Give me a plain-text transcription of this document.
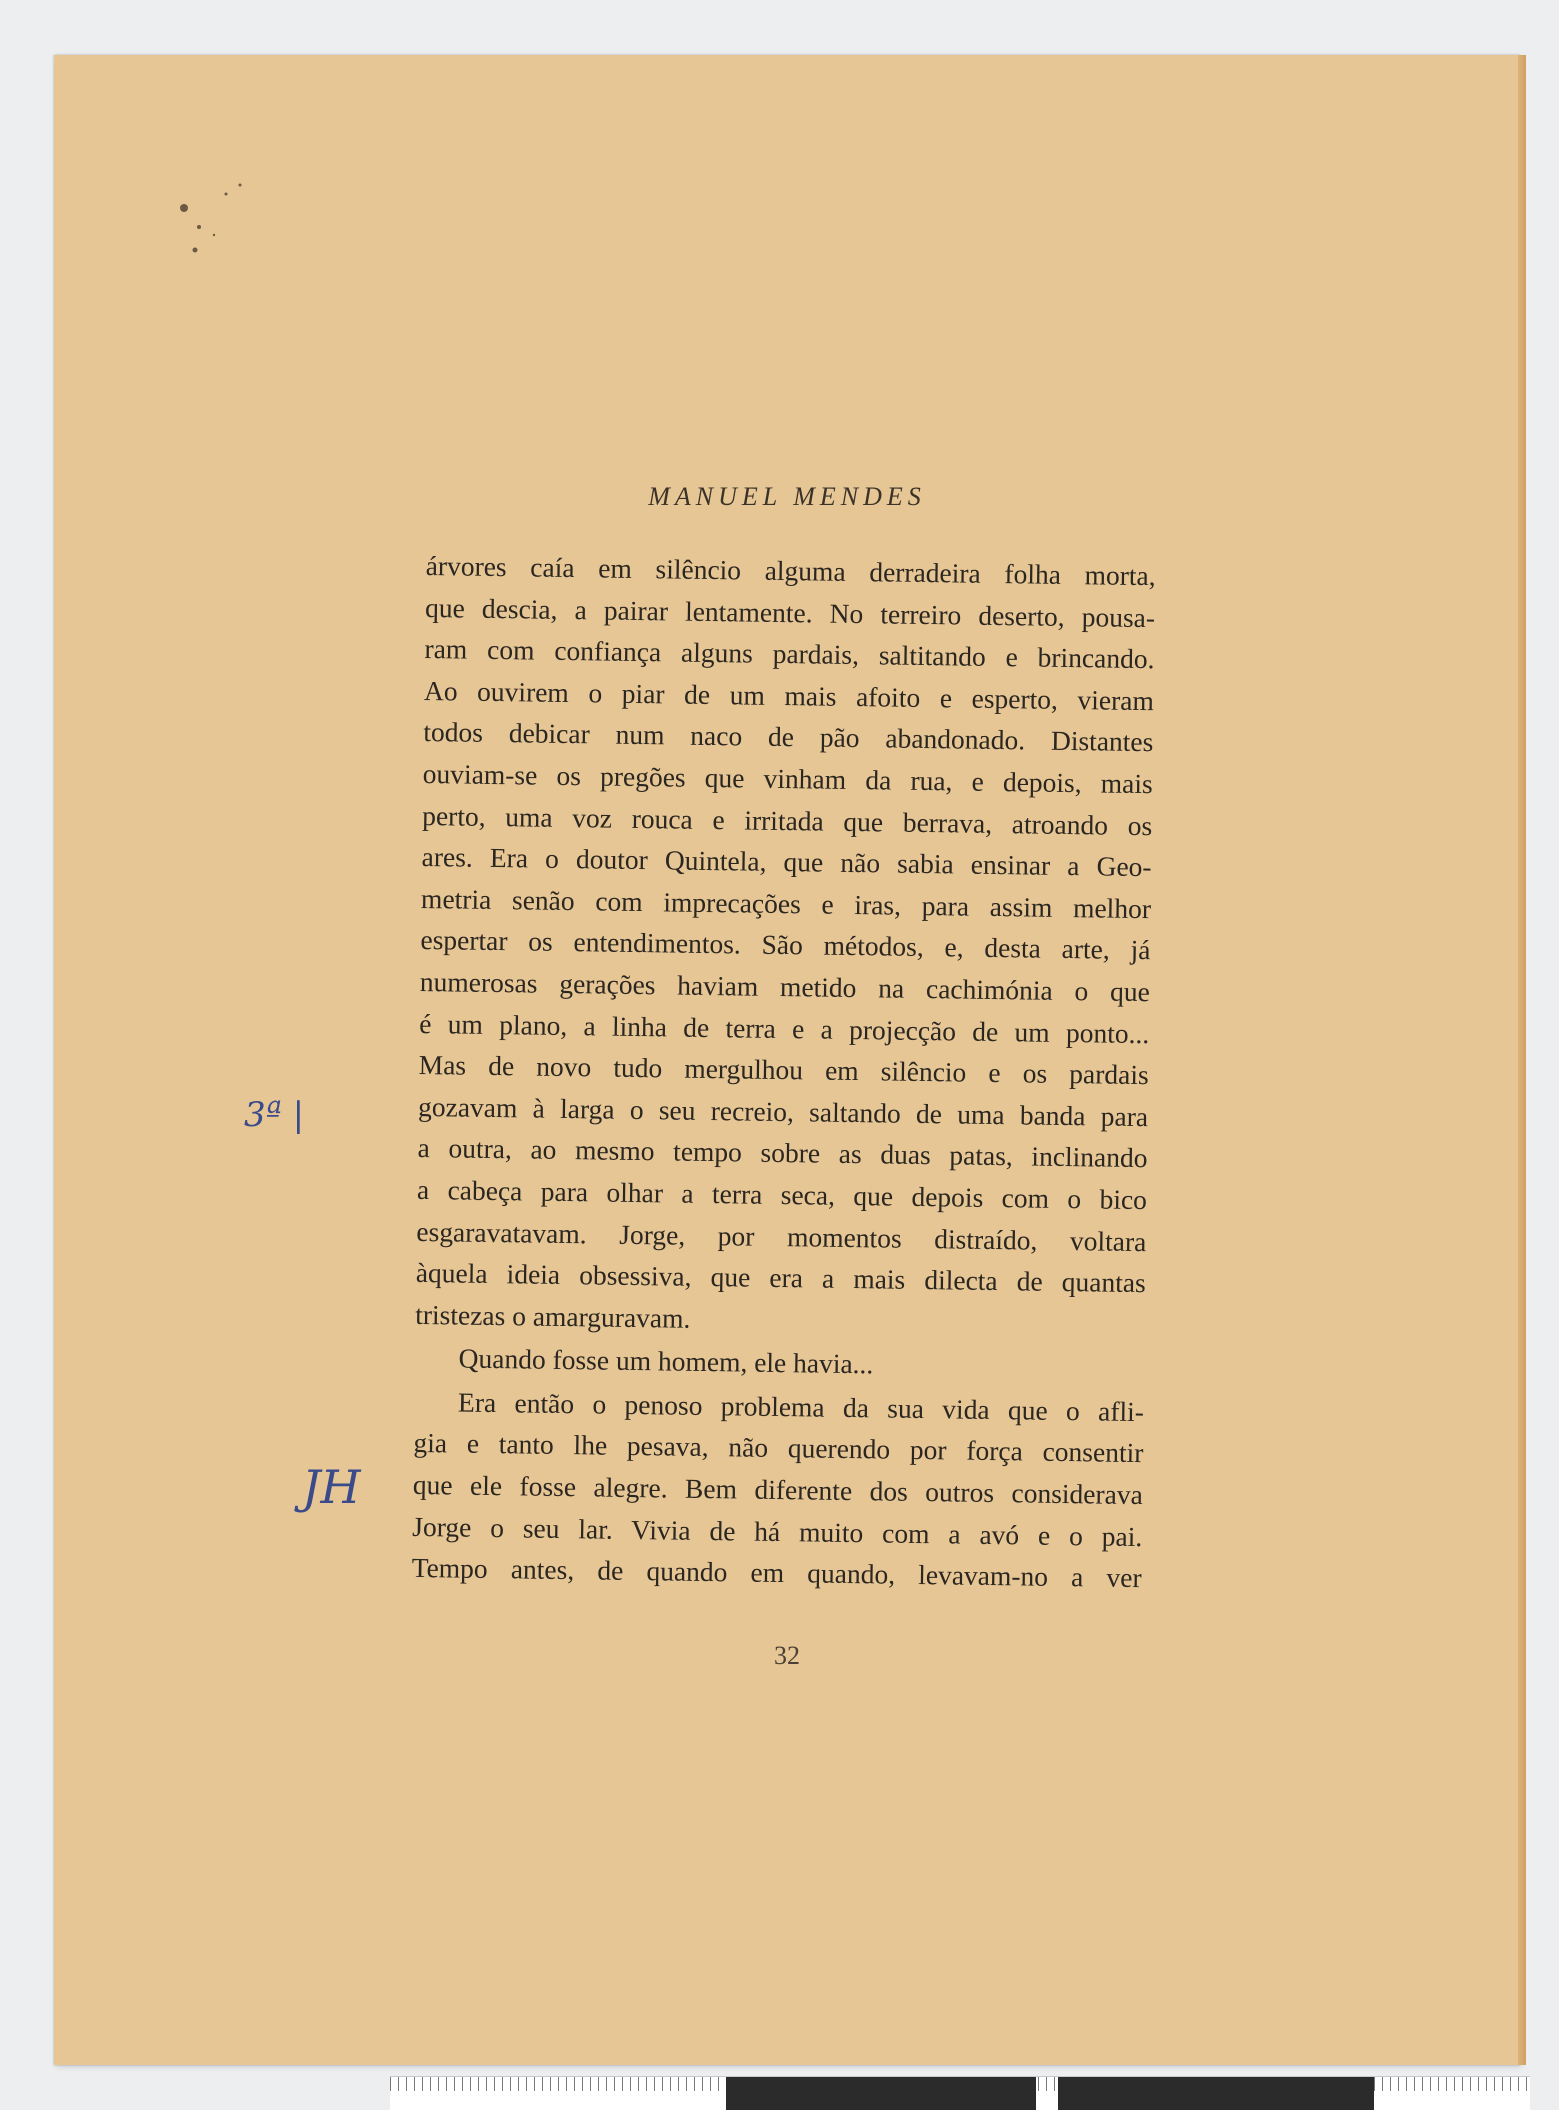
MANUEL MENDES
árvores caía em silêncio alguma derradeira folha morta,
que descia, a pairar lentamente. No terreiro deserto, pousa-
ram com confiança alguns pardais, saltitando e brincando.
Ao ouvirem o piar de um mais afoito e esperto, vieram
todos debicar num naco de pão abandonado. Distantes
ouviam-se os pregões que vinham da rua, e depois, mais
perto, uma voz rouca e irritada que berrava, atroando os
ares. Era o doutor Quintela, que não sabia ensinar a Geo-
metria senão com imprecações e iras, para assim melhor
espertar os entendimentos. São métodos, e, desta arte, já
numerosas gerações haviam metido na cachimónia o que
é um plano, a linha de terra e a projecção de um ponto...
Mas de novo tudo mergulhou em silêncio e os pardais
gozavam à larga o seu recreio, saltando de uma banda para
a outra, ao mesmo tempo sobre as duas patas, inclinando
a cabeça para olhar a terra seca, que depois com o bico
esgaravatavam. Jorge, por momentos distraído, voltara
àquela ideia obsessiva, que era a mais dilecta de quantas
tristezas o amarguravam.
Quando fosse um homem, ele havia...
Era então o penoso problema da sua vida que o afli-
gia e tanto lhe pesava, não querendo por força consentir
que ele fosse alegre. Bem diferente dos outros considerava
Jorge o seu lar. Vivia de há muito com a avó e o pai.
Tempo antes, de quando em quando, levavam-no a ver
32
3ª |
JH
